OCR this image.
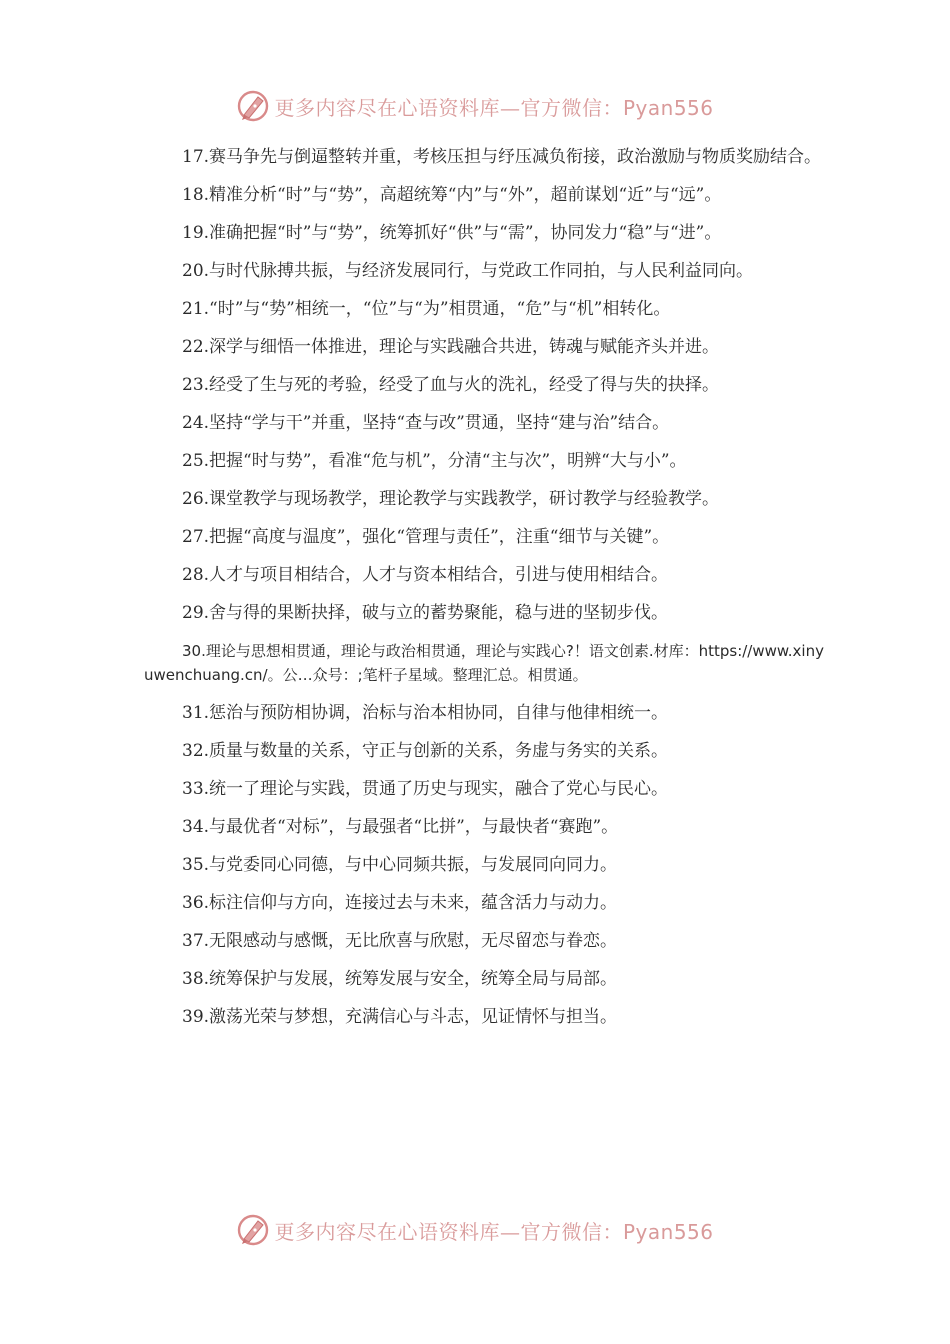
更多内容尽在心语资料库—官方微信：Pyan556

17.赛马争先与倒逼整转并重，考核压担与纾压减负衔接，政治激励与物质奖励结合。

18.精准分析“时”与“势”，高超统筹“内”与“外”，超前谋划“近”与“远”。

19.准确把握“时”与“势”，统筹抓好“供”与“需”，协同发力“稳”与“进”。

20.与时代脉搏共振，与经济发展同行，与党政工作同拍，与人民利益同向。

21.“时”与“势”相统一，“位”与“为”相贯通，“危”与“机”相转化。

22.深学与细悟一体推进，理论与实践融合共进，铸魂与赋能齐头并进。

23.经受了生与死的考验，经受了血与火的洗礼，经受了得与失的抉择。

24.坚持“学与干”并重，坚持“查与改”贯通，坚持“建与治”结合。

25.把握“时与势”，看准“危与机”，分清“主与次”，明辨“大与小”。

26.课堂教学与现场教学，理论教学与实践教学，研讨教学与经验教学。

27.把握“高度与温度”，强化“管理与责任”，注重“细节与关键”。

28.人才与项目相结合，人才与资本相结合，引进与使用相结合。

29.舍与得的果断抉择，破与立的蓄势聚能，稳与进的坚韧步伐。

30.理论与思想相贯通，理论与政治相贯通，理论与实践心?！语文创素.材库：https://www.xinyuwenchuang.cn/。公…众号：;笔杆子星域。整理汇总。相贯通。

31.惩治与预防相协调，治标与治本相协同，自律与他律相统一。

32.质量与数量的关系，守正与创新的关系，务虚与务实的关系。

33.统一了理论与实践，贯通了历史与现实，融合了党心与民心。

34.与最优者“对标”，与最强者“比拼”，与最快者“赛跑”。

35.与党委同心同德，与中心同频共振，与发展同向同力。

36.标注信仰与方向，连接过去与未来，蕴含活力与动力。

37.无限感动与感慨，无比欣喜与欣慰，无尽留恋与眷恋。

38.统筹保护与发展，统筹发展与安全，统筹全局与局部。

39.激荡光荣与梦想，充满信心与斗志，见证情怀与担当。

更多内容尽在心语资料库—官方微信：Pyan556
